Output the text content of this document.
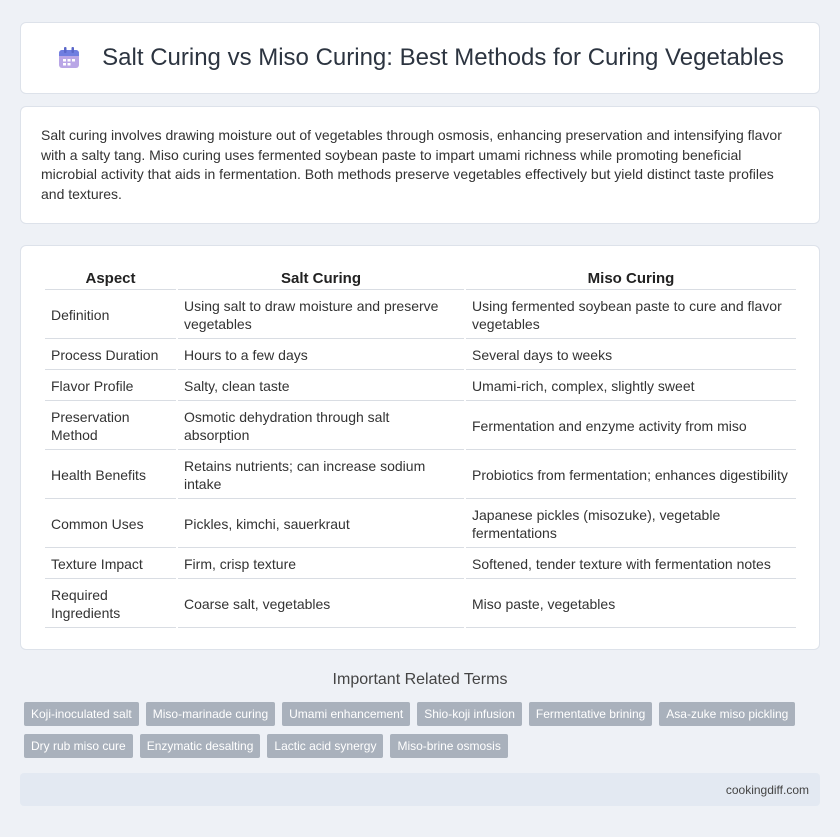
Salt Curing vs Miso Curing: Best Methods for Curing Vegetables

Salt curing involves drawing moisture out of vegetables through osmosis, enhancing preservation and intensifying flavor with a salty tang. Miso curing uses fermented soybean paste to impart umami richness while promoting beneficial microbial activity that aids in fermentation. Both methods preserve vegetables effectively but yield distinct taste profiles and textures.

Aspect	Salt Curing	Miso Curing
Definition	Using salt to draw moisture and preserve vegetables	Using fermented soybean paste to cure and flavor vegetables
Process Duration	Hours to a few days	Several days to weeks
Flavor Profile	Salty, clean taste	Umami-rich, complex, slightly sweet
Preservation Method	Osmotic dehydration through salt absorption	Fermentation and enzyme activity from miso
Health Benefits	Retains nutrients; can increase sodium intake	Probiotics from fermentation; enhances digestibility
Common Uses	Pickles, kimchi, sauerkraut	Japanese pickles (misozuke), vegetable fermentations
Texture Impact	Firm, crisp texture	Softened, tender texture with fermentation notes
Required Ingredients	Coarse salt, vegetables	Miso paste, vegetables
Important Related Terms
Koji-inoculated salt	Miso-marinade curing	Umami enhancement	Shio-koji infusion	Fermentative brining	Asa-zuke miso pickling
Dry rub miso cure	Enzymatic desalting	Lactic acid synergy	Miso-brine osmosis
cookingdiff.com
